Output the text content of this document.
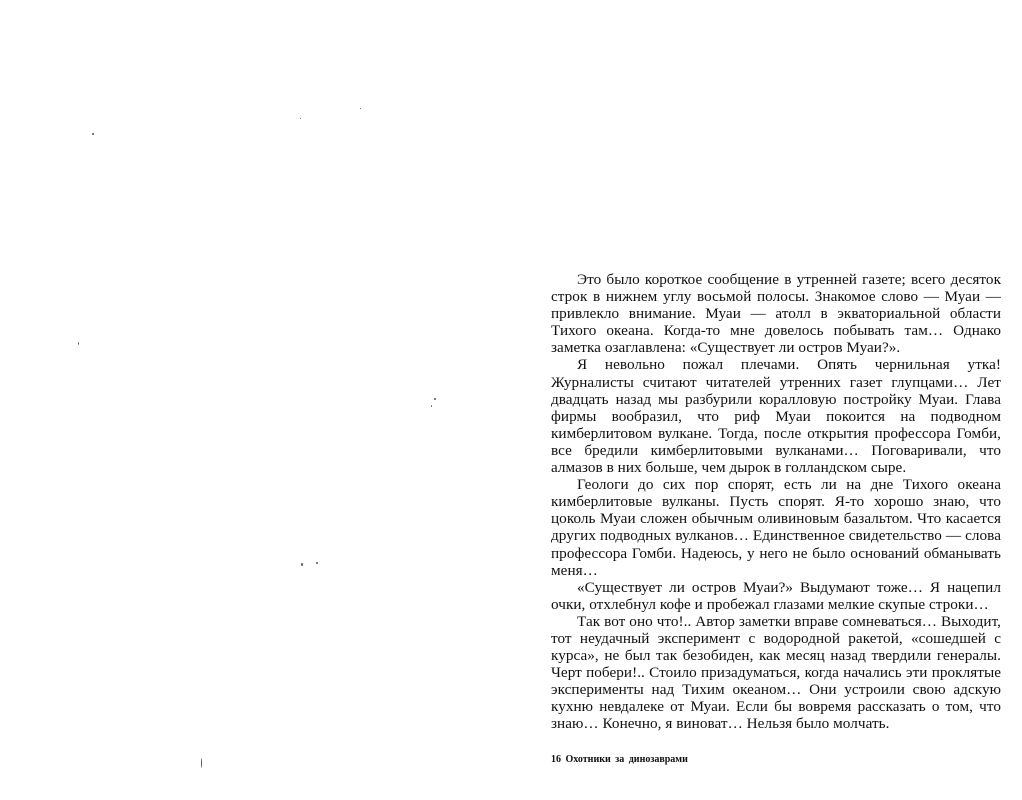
Это было короткое сообщение в утренней газете; всего десяток строк в нижнем углу восьмой полосы. Знакомое слово — Муаи — привлекло внимание. Муаи — атолл в экваториальной области Тихого океана. Когда-то мне довелось побывать там… Однако заметка озаглавлена: «Существует ли остров Муаи?».

Я невольно пожал плечами. Опять чернильная утка! Журналисты считают читателей утренних газет глупцами… Лет двадцать назад мы разбурили коралловую постройку Муаи. Глава фирмы вообразил, что риф Муаи покоится на подводном кимберлитовом вулкане. Тогда, после открытия профессора Гомби, все бредили кимберлитовыми вулканами… Поговаривали, что алмазов в них больше, чем дырок в голландском сыре.

Геологи до сих пор спорят, есть ли на дне Тихого океана кимберлитовые вулканы. Пусть спорят. Я-то хорошо знаю, что цоколь Муаи сложен обычным оливиновым базальтом. Что касается других подводных вулканов… Единственное свидетельство — слова профессора Гомби. Надеюсь, у него не было оснований обманывать меня…

«Существует ли остров Муаи?» Выдумают тоже… Я нацепил очки, отхлебнул кофе и пробежал глазами мелкие скупые строки…

Так вот оно что!.. Автор заметки вправе сомневаться… Выходит, тот неудачный эксперимент с водородной ракетой, «сошедшей с курса», не был так безобиден, как месяц назад твердили генералы. Черт побери!.. Стоило призадуматься, когда начались эти проклятые эксперименты над Тихим океаном… Они устроили свою адскую кухню невдалеке от Муаи. Если бы вовремя рассказать о том, что знаю… Конечно, я виноват… Нельзя было молчать.

16 Охотники за динозаврами
